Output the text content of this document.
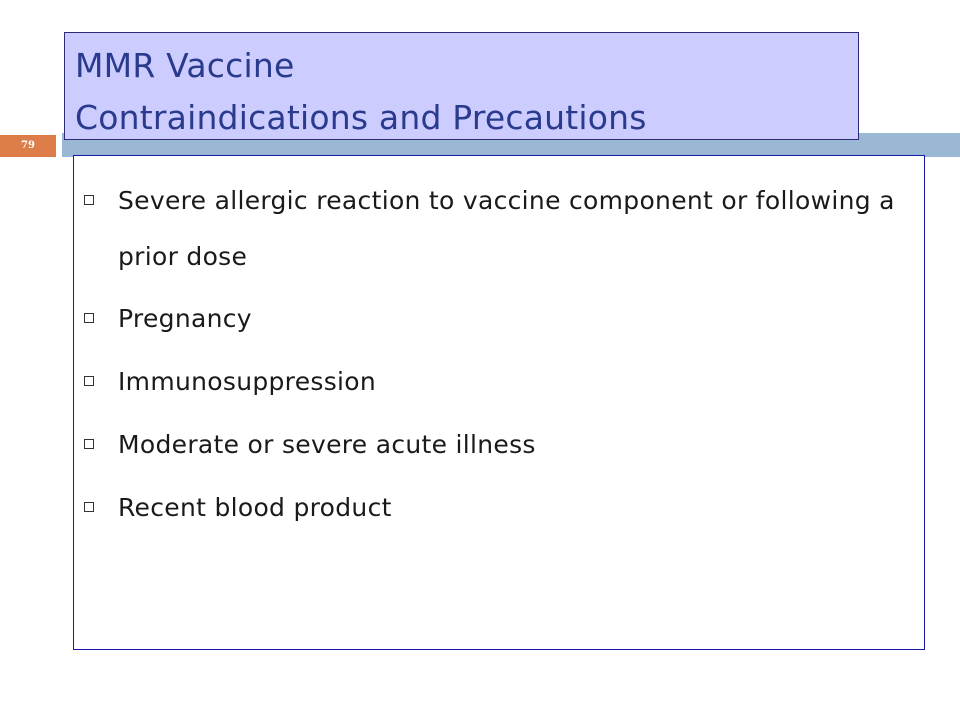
79
MMR Vaccine
Contraindications and Precautions
Severe allergic reaction to vaccine component or following a prior dose
Pregnancy
Immunosuppression
Moderate or severe acute illness
Recent blood product
